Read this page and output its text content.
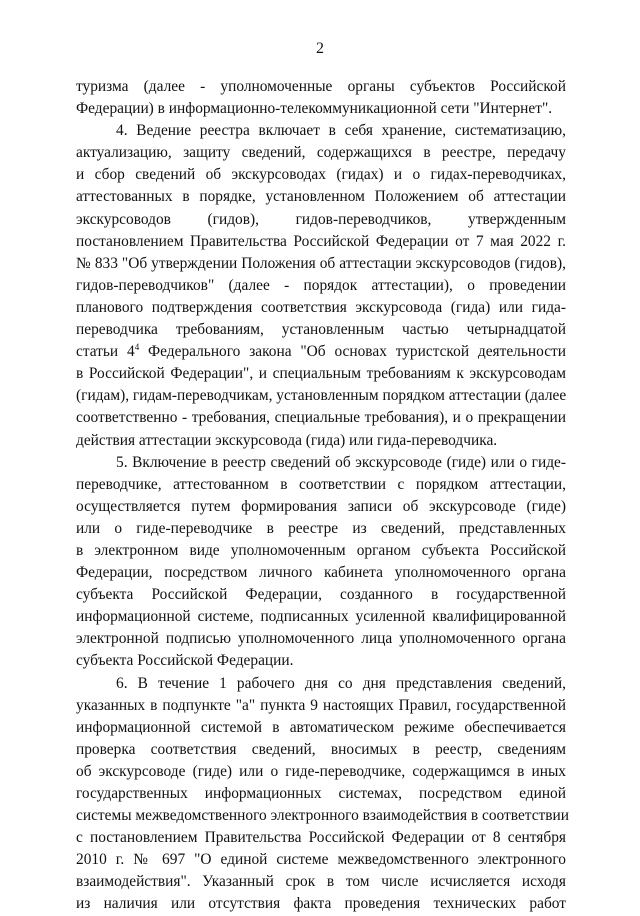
2
туризма (далее - уполномоченные органы субъектов Российской
Федерации) в информационно-телекоммуникационной сети "Интернет".
4. Ведение реестра включает в себя хранение, систематизацию,
актуализацию, защиту сведений, содержащихся в реестре, передачу
и сбор сведений об экскурсоводах (гидах) и о гидах-переводчиках,
аттестованных в порядке, установленном Положением об аттестации
экскурсоводов (гидов), гидов-переводчиков, утвержденным
постановлением Правительства Российской Федерации от 7 мая 2022 г.
№ 833 "Об утверждении Положения об аттестации экскурсоводов (гидов),
гидов-переводчиков" (далее - порядок аттестации), о проведении
планового подтверждения соответствия экскурсовода (гида) или гида-
переводчика требованиям, установленным частью четырнадцатой
статьи $4^4$ Федерального закона "Об основах туристской деятельности
в Российской Федерации", и специальным требованиям к экскурсоводам
(гидам), гидам-переводчикам, установленным порядком аттестации (далее
соответственно - требования, специальные требования), и о прекращении
действия аттестации экскурсовода (гида) или гида-переводчика.
5. Включение в реестр сведений об экскурсоводе (гиде) или о гиде-
переводчике, аттестованном в соответствии с порядком аттестации,
осуществляется путем формирования записи об экскурсоводе (гиде)
или о гиде-переводчике в реестре из сведений, представленных
в электронном виде уполномоченным органом субъекта Российской
Федерации, посредством личного кабинета уполномоченного органа
субъекта Российской Федерации, созданного в государственной
информационной системе, подписанных усиленной квалифицированной
электронной подписью уполномоченного лица уполномоченного органа
субъекта Российской Федерации.
6. В течение 1 рабочего дня со дня представления сведений,
указанных в подпункте "а" пункта 9 настоящих Правил, государственной
информационной системой в автоматическом режиме обеспечивается
проверка соответствия сведений, вносимых в реестр, сведениям
об экскурсоводе (гиде) или о гиде-переводчике, содержащимся в иных
государственных информационных системах, посредством единой
системы межведомственного электронного взаимодействия в соответствии
с постановлением Правительства Российской Федерации от 8 сентября
2010 г. № 697 "О единой системе межведомственного электронного
взаимодействия". Указанный срок в том числе исчисляется исходя
из наличия или отсутствия факта проведения технических работ
